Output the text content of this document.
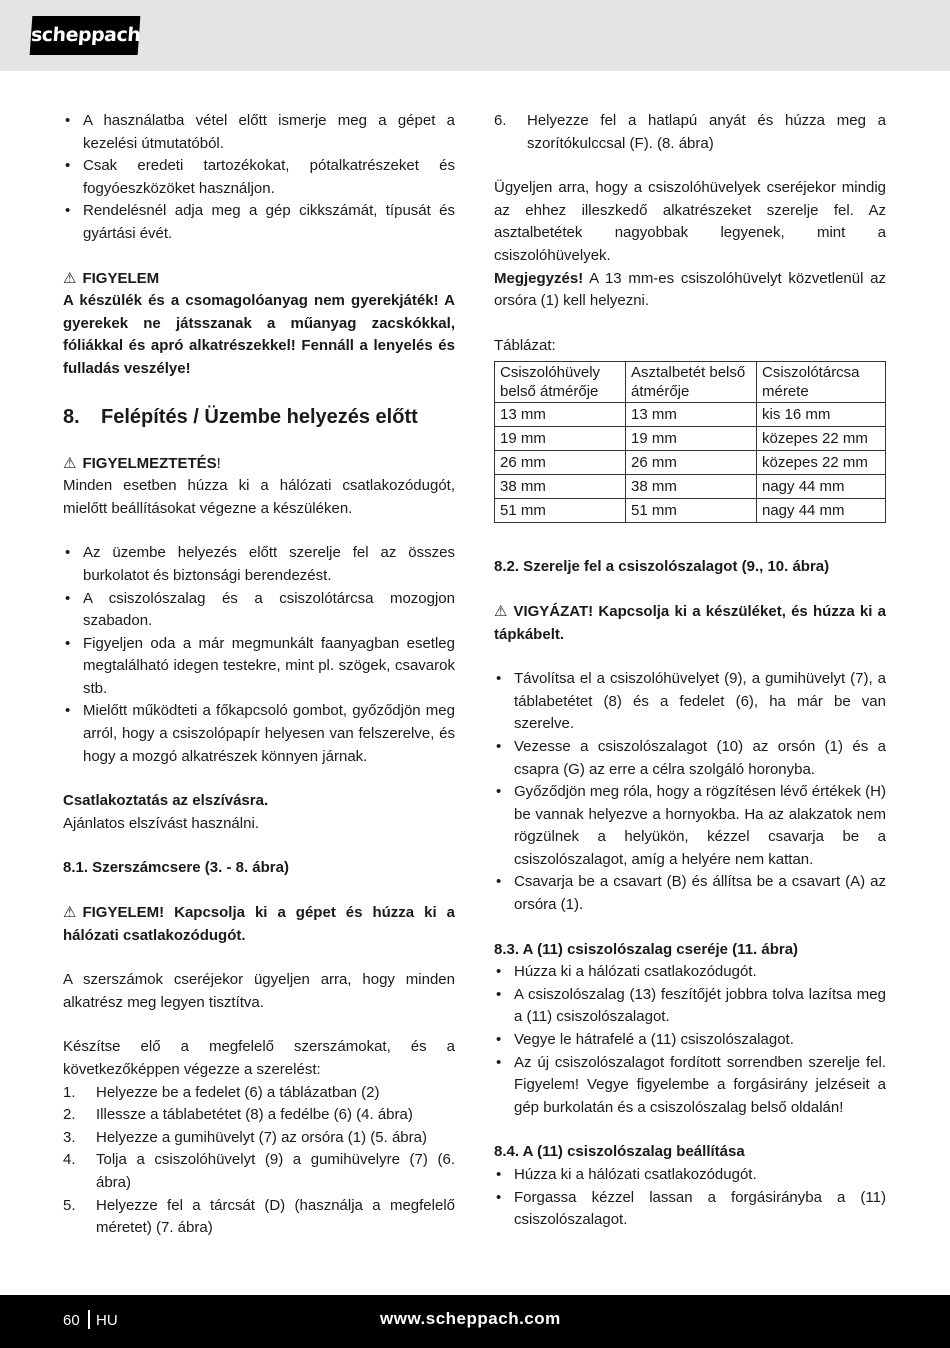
scheppach
• A használatba vétel előtt ismerje meg a gépet a kezelési útmutatóból.
• Csak eredeti tartozékokat, pótalkatrészeket és fogyóeszközöket használjon.
• Rendelésnél adja meg a gép cikkszámát, típusát és gyártási évét.

⚠ FIGYELEM

A készülék és a csomagolóanyag nem gyerekjáték! A gyerekek ne játsszanak a műanyag zacskókkal, fóliákkal és apró alkatrészekkel! Fennáll a lenyelés és fulladás veszélye!

8. Felépítés / Üzembe helyezés előtt

⚠ FIGYELMEZTETÉS!

Minden esetben húzza ki a hálózati csatlakozódugót, mielőtt beállításokat végezne a készüléken.

• Az üzembe helyezés előtt szerelje fel az összes burkolatot és biztonsági berendezést.
• A csiszolószalag és a csiszolótárcsa mozogjon szabadon.
• Figyeljen oda a már megmunkált faanyagban esetleg megtalálható idegen testekre, mint pl. szögek, csavarok stb.
• Mielőtt működteti a főkapcsoló gombot, győződjön meg arról, hogy a csiszolópapír helyesen van felszerelve, és hogy a mozgó alkatrészek könnyen járnak.

Csatlakoztatás az elszívásra.

Ajánlatos elszívást használni.

8.1. Szerszámcsere (3. - 8. ábra)

⚠ FIGYELEM! Kapcsolja ki a gépet és húzza ki a hálózati csatlakozódugót.

A szerszámok cseréjekor ügyeljen arra, hogy minden alkatrész meg legyen tisztítva.

Készítse elő a megfelelő szerszámokat, és a következőképpen végezze a szerelést:

1. Helyezze be a fedelet (6) a táblázatban (2)
2. Illessze a táblabetétet (8) a fedélbe (6) (4. ábra)
3. Helyezze a gumihüvelyt (7) az orsóra (1) (5. ábra)
4. Tolja a csiszolóhüvelyt (9) a gumihüvelyre (7) (6. ábra)
5. Helyezze fel a tárcsát (D) (használja a megfelelő méretet) (7. ábra)
6. Helyezze fel a hatlapú anyát és húzza meg a szorítókulccsal (F). (8. ábra)

Ügyeljen arra, hogy a csiszolóhüvelyek cseréjekor mindig az ehhez illeszkedő alkatrészeket szerelje fel. Az asztalbetétek nagyobbak legyenek, mint a csiszolóhüvelyek.

Megjegyzés! A 13 mm-es csiszolóhüvelyt közvetlenül az orsóra (1) kell helyezni.

Táblázat:

Csiszolóhüvely belső átmérője	Asztalbetét belső átmérője	Csiszolótárcsa mérete
13 mm	13 mm	kis 16 mm
19 mm	19 mm	közepes 22 mm
26 mm	26 mm	közepes 22 mm
38 mm	38 mm	nagy 44 mm
51 mm	51 mm	nagy 44 mm

8.2. Szerelje fel a csiszolószalagot (9., 10. ábra)

⚠ VIGYÁZAT! Kapcsolja ki a készüléket, és húzza ki a tápkábelt.

• Távolítsa el a csiszolóhüvelyet (9), a gumihüvelyt (7), a táblabetétet (8) és a fedelet (6), ha már be van szerelve.
• Vezesse a csiszolószalagot (10) az orsón (1) és a csapra (G) az erre a célra szolgáló horonyba.
• Győződjön meg róla, hogy a rögzítésen lévő értékek (H) be vannak helyezve a hornyokba. Ha az alakzatok nem rögzülnek a helyükön, kézzel csavarja be a csiszolószalagot, amíg a helyére nem kattan.
• Csavarja be a csavart (B) és állítsa be a csavart (A) az orsóra (1).

8.3. A (11) csiszolószalag cseréje (11. ábra)

• Húzza ki a hálózati csatlakozódugót.
• A csiszolószalag (13) feszítőjét jobbra tolva lazítsa meg a (11) csiszolószalagot.
• Vegye le hátrafelé a (11) csiszolószalagot.
• Az új csiszolószalagot fordított sorrendben szerelje fel. Figyelem! Vegye figyelembe a forgásirány jelzéseit a gép burkolatán és a csiszolószalag belső oldalán!

8.4. A (11) csiszolószalag beállítása

• Húzza ki a hálózati csatlakozódugót.
• Forgassa kézzel lassan a forgásirányba a (11) csiszolószalagot.
60 HU	www.scheppach.com
